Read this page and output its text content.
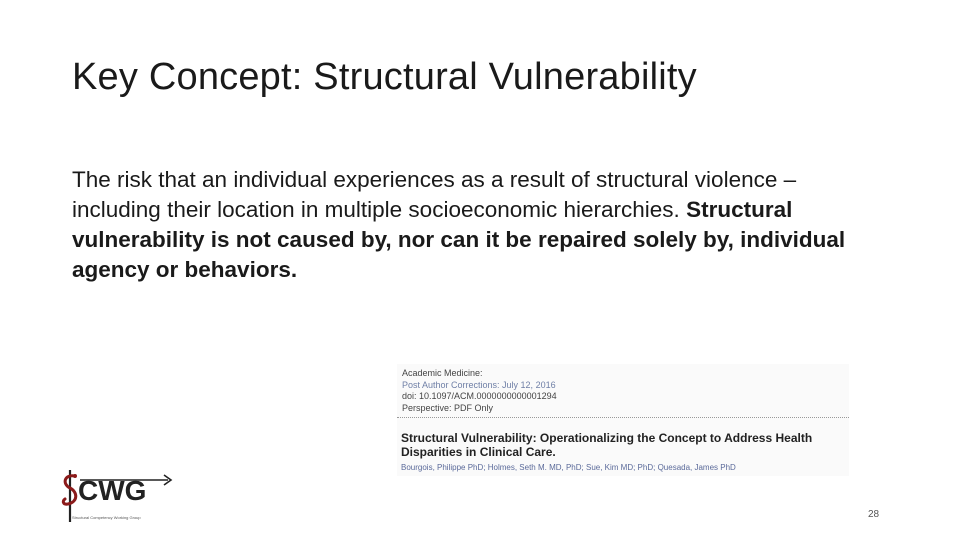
Key Concept: Structural Vulnerability
The risk that an individual experiences as a result of structural violence – including their location in multiple socioeconomic hierarchies. Structural vulnerability is not caused by, nor can it be repaired solely by, individual agency or behaviors.
Academic Medicine:
Post Author Corrections: July 12, 2016
doi: 10.1097/ACM.0000000000001294
Perspective: PDF Only
Structural Vulnerability: Operationalizing the Concept to Address Health Disparities in Clinical Care.
Bourgois, Philippe PhD; Holmes, Seth M. MD, PhD; Sue, Kim MD; PhD; Quesada, James PhD
CWG
Structural Competency Working Group	28
